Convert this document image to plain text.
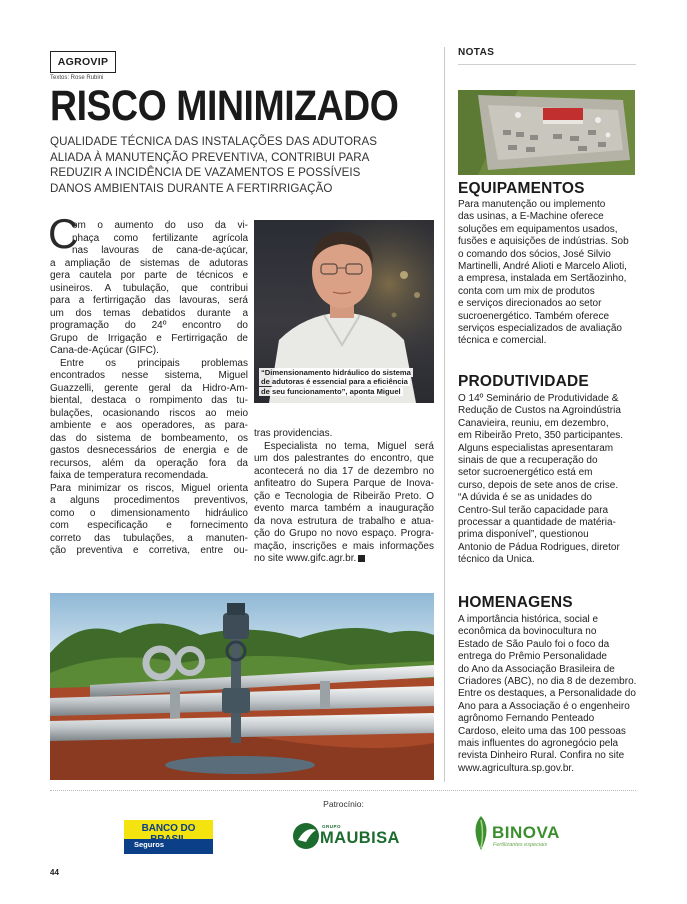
AGROVIP
Textos: Rose Rubini
RISCO MINIMIZADO
QUALIDADE TÉCNICA DAS INSTALAÇÕES DAS ADUTORAS
ALIADA À MANUTENÇÃO PREVENTIVA, CONTRIBUI PARA
REDUZIR A INCIDÊNCIA DE VAZAMENTOS E POSSÍVEIS
DANOS AMBIENTAIS DURANTE A FERTIRRIGAÇÃO
C
om o aumento do uso da vi-
nhaça como fertilizante agrícola
nas lavouras de cana-de-açúcar,
a ampliação de sistemas de adutoras
gera cautela por parte de técnicos e
usineiros. A tubulação, que contribui
para a fertirrigação das lavouras, será
um dos temas debatidos durante a
programação do 24º encontro do
Grupo de Irrigação e Fertirrigação de
Cana-de-Açúcar (GIFC).
Entre os principais problemas
encontrados nesse sistema, Miguel
Guazzelli, gerente geral da Hidro-Am-
biental, destaca o rompimento das tu-
bulações, ocasionando riscos ao meio
ambiente e aos operadores, as para-
das do sistema de bombeamento, os
gastos desnecessários de energia e de
recursos, além da operação fora da
faixa de temperatura recomendada.
Para minimizar os riscos, Miguel orienta
a alguns procedimentos preventivos,
como o dimensionamento hidráulico
com especificação e fornecimento
correto das tubulações, a manuten-
ção preventiva e corretiva, entre ou-
“Dimensionamento hidráulico do sistemade adutoras é essencial para a eficiênciade seu funcionamento”, aponta Miguel
tras providencias.
Especialista no tema, Miguel será
um dos palestrantes do encontro, que
acontecerá no dia 17 de dezembro no
anfiteatro do Supera Parque de Inova-
ção e Tecnologia de Ribeirão Preto. O
evento marca também a inauguração
da nova estrutura de trabalho e atua-
ção do Grupo no novo espaço. Progra-
mação, inscrições e mais informações
no site www.gifc.agr.br.
NOTAS
EQUIPAMENTOS
Para manutenção ou implemento
das usinas, a E-Machine oferece
soluções em equipamentos usados,
fusões e aquisições de indústrias. Sob
o comando dos sócios, José Silvio
Martinelli, André Alioti e Marcelo Alioti,
a empresa, instalada em Sertãozinho,
conta com um mix de produtos
e serviços direcionados ao setor
sucroenergético. Também oferece
serviços especializados de avaliação
técnica e comercial.
PRODUTIVIDADE
O 14º Seminário de Produtividade &
Redução de Custos na Agroindústria
Canavieira, reuniu, em dezembro,
em Ribeirão Preto, 350 participantes.
Alguns especialistas apresentaram
sinais de que a recuperação do
setor sucroenergético está em
curso, depois de sete anos de crise.
“A dúvida é se as unidades do
Centro-Sul terão capacidade para
processar a quantidade de matéria-
prima disponível”, questionou
Antonio de Pádua Rodrigues, diretor
técnico da Unica.
HOMENAGENS
A importância histórica, social e
econômica da bovinocultura no
Estado de São Paulo foi o foco da
entrega do Prêmio Personalidade
do Ano da Associação Brasileira de
Criadores (ABC), no dia 8 de dezembro.
Entre os destaques, a Personalidade do
Ano para a Associação é o engenheiro
agrônomo Fernando Penteado
Cardoso, eleito uma das 100 pessoas
mais influentes do agronegócio pela
revista Dinheiro Rural. Confira no site
www.agricultura.sp.gov.br.
Patrocínio:
BANCO DO
Seguros
GRUPO
MAUBISA	BINOVA
Fertilizantes especiais
44
